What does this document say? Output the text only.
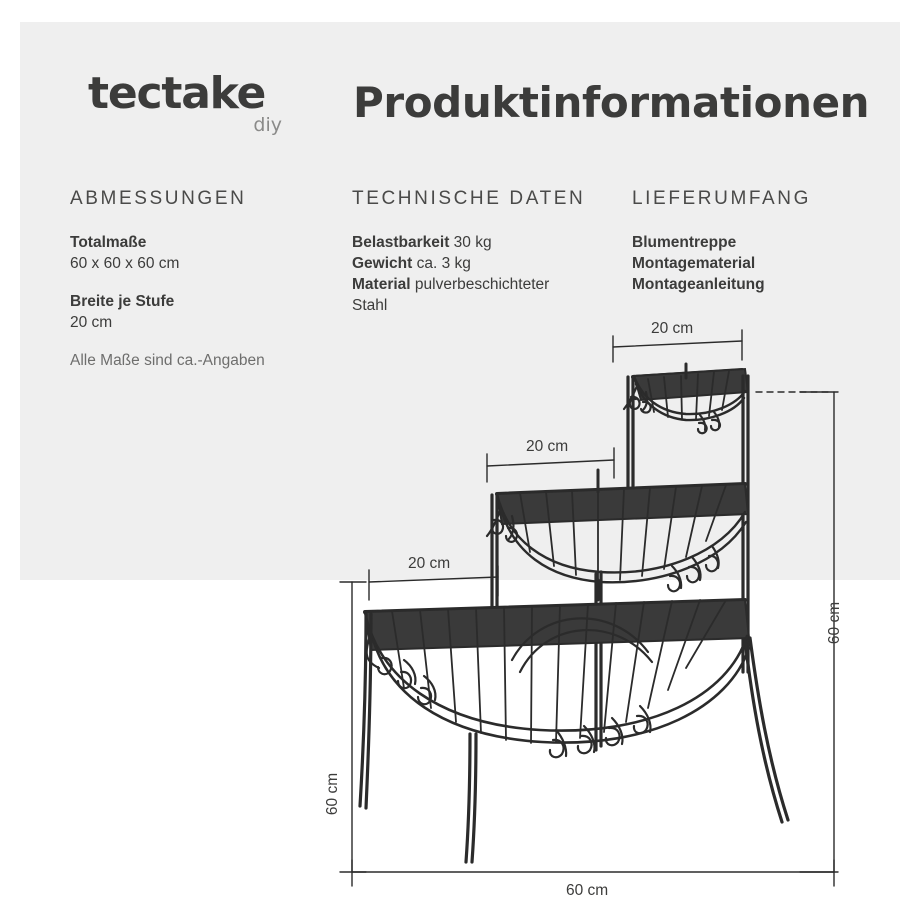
tectake
diy Produktinformationen
ABMESSUNGEN
Totalmaße
60 x 60 x 60 cm
Breite je Stufe
20 cm
Alle Maße sind ca.-Angaben
TECHNISCHE DATEN
Belastbarkeit 30 kg
Gewicht ca. 3 kg
Material pulverbeschichteter
Stahl
LIEFERUMFANG
Blumentreppe
Montagematerial
Montageanleitung
20 cm
20 cm
20 cm
60 cm
60 cm
60 cm
